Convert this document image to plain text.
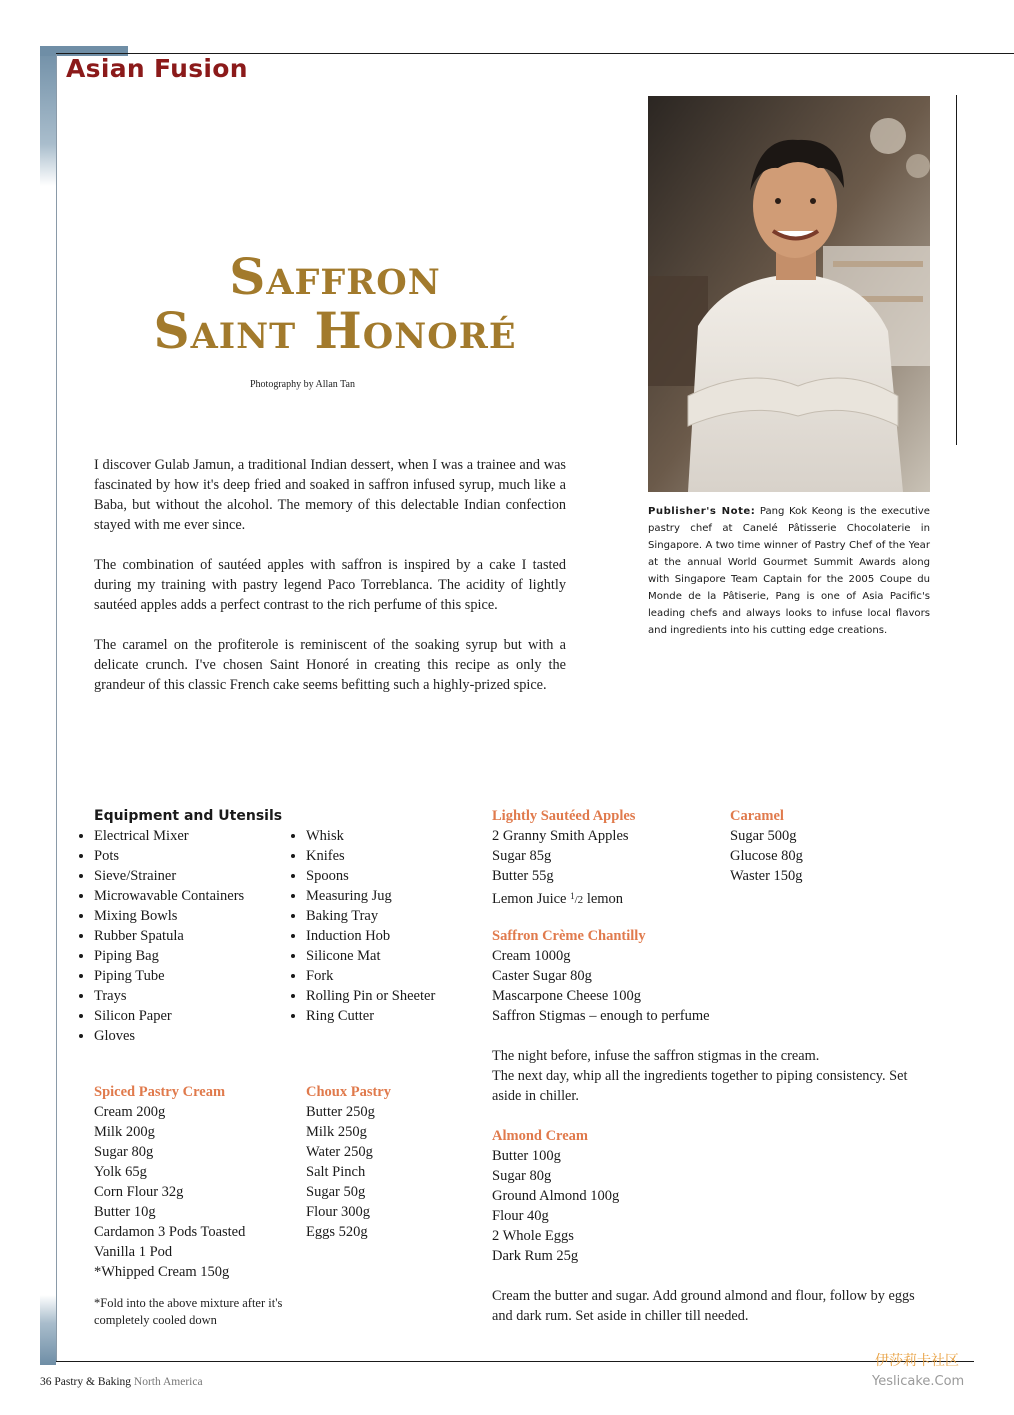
Asian Fusion
Saffron
Saint Honoré
Photography by Allan Tan

I discover Gulab Jamun, a traditional Indian dessert, when I was a trainee and was fascinated by how it's deep fried and soaked in saffron infused syrup, much like a Baba, but without the alcohol. The memory of this delectable Indian confection stayed with me ever since.

The combination of sautéed apples with saffron is inspired by a cake I tasted during my training with pastry legend Paco Torreblanca. The acidity of lightly sautéed apples adds a perfect contrast to the rich perfume of this spice.

The caramel on the profiterole is reminiscent of the soaking syrup but with a delicate crunch. I've chosen Saint Honoré in creating this recipe as only the grandeur of this classic French cake seems befitting such a highly-prized spice.

Publisher's Note: Pang Kok Keong is the executive pastry chef at Canelé Pâtisserie Chocolaterie in Singapore. A two time winner of Pastry Chef of the Year at the annual World Gourmet Summit Awards along with Singapore Team Captain for the 2005 Coupe du Monde de la Pâtiserie, Pang is one of Asia Pacific's leading chefs and always looks to infuse local flavors and ingredients into his cutting edge creations.
Equipment and Utensils
• Electrical Mixer
• Pots
• Sieve/Strainer
• Microwavable Containers
• Mixing Bowls
• Rubber Spatula
• Piping Bag
• Piping Tube
• Trays
• Silicon Paper
• Gloves
• Whisk
• Knifes
• Spoons
• Measuring Jug
• Baking Tray
• Induction Hob
• Silicone Mat
• Fork
• Rolling Pin or Sheeter
• Ring Cutter
Spiced Pastry Cream
Cream 200g
Milk 200g
Sugar 80g
Yolk 65g
Corn Flour 32g
Butter 10g
Cardamon 3 Pods Toasted
Vanilla 1 Pod
*Whipped Cream 150g
*Fold into the above mixture after it's completely cooled down
Choux Pastry
Butter 250g
Milk 250g
Water 250g
Salt Pinch
Sugar 50g
Flour 300g
Eggs 520g
Lightly Sautéed Apples
2 Granny Smith Apples
Sugar 85g
Butter 55g
Lemon Juice $^1$/2 lemon
Caramel
Sugar 500g
Glucose 80g
Waster 150g
Saffron Crème Chantilly
Cream 1000g
Caster Sugar 80g
Mascarpone Cheese 100g
Saffron Stigmas – enough to perfume
The night before, infuse the saffron stigmas in the cream.
The next day, whip all the ingredients together to piping consistency. Set aside in chiller.
Almond Cream
Butter 100g
Sugar 80g
Ground Almond 100g
Flour 40g
2 Whole Eggs
Dark Rum 25g
Cream the butter and sugar. Add ground almond and flour, follow by eggs and dark rum. Set aside in chiller till needed.
36 Pastry & Baking North America
伊莎莉卡社区
Yeslicake.Com
